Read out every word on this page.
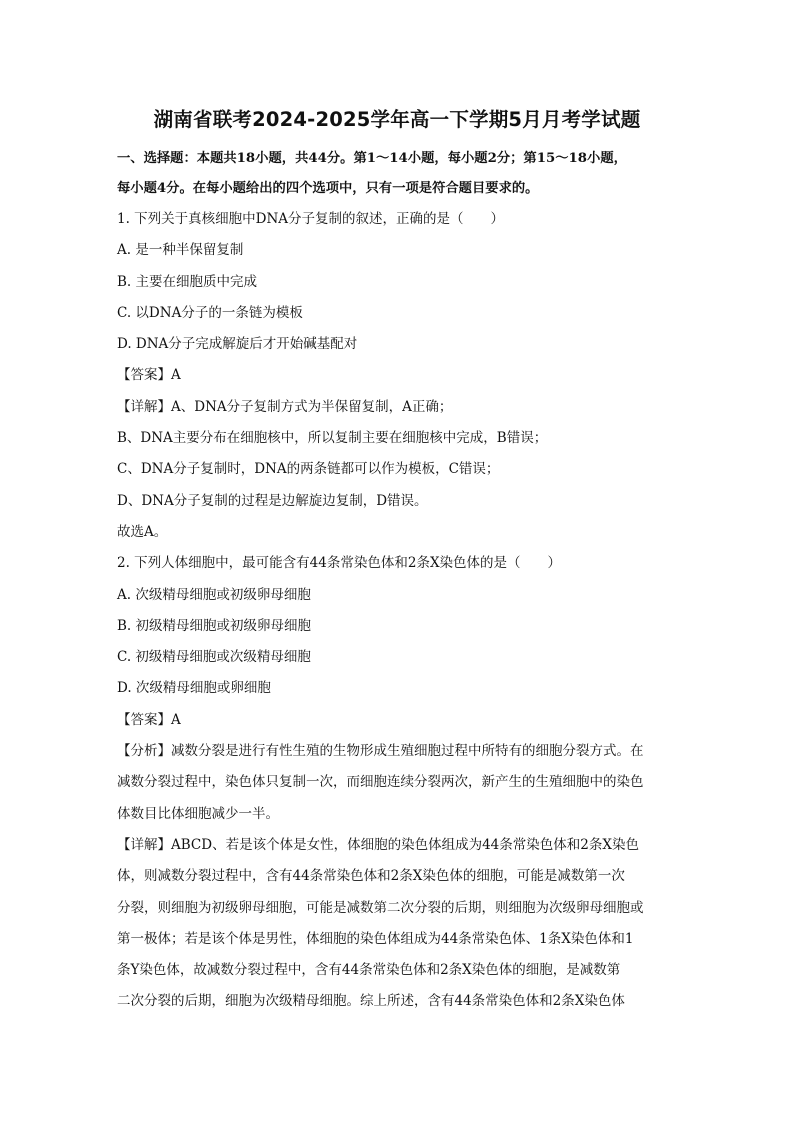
湖南省联考2024-2025学年高一下学期5月月考学试题

一、选择题：本题共18小题，共44分。第1～14小题，每小题2分；第15～18小题，

每小题4分。在每小题给出的四个选项中，只有一项是符合题目要求的。

1. 下列关于真核细胞中DNA分子复制的叙述，正确的是（　　）

A. 是一种半保留复制

B. 主要在细胞质中完成

C. 以DNA分子的一条链为模板

D. DNA分子完成解旋后才开始碱基配对

【答案】A

【详解】A、DNA分子复制方式为半保留复制，A正确；

B、DNA主要分布在细胞核中，所以复制主要在细胞核中完成，B错误；

C、DNA分子复制时，DNA的两条链都可以作为模板，C错误；

D、DNA分子复制的过程是边解旋边复制，D错误。

故选A。

2. 下列人体细胞中，最可能含有44条常染色体和2条X染色体的是（　　）

A. 次级精母细胞或初级卵母细胞

B. 初级精母细胞或初级卵母细胞

C. 初级精母细胞或次级精母细胞

D. 次级精母细胞或卵细胞

【答案】A

【分析】减数分裂是进行有性生殖的生物形成生殖细胞过程中所特有的细胞分裂方式。在

减数分裂过程中，染色体只复制一次，而细胞连续分裂两次，新产生的生殖细胞中的染色

体数目比体细胞减少一半。

【详解】ABCD、若是该个体是女性，体细胞的染色体组成为44条常染色体和2条X染色

体，则减数分裂过程中，含有44条常染色体和2条X染色体的细胞，可能是减数第一次

分裂，则细胞为初级卵母细胞，可能是减数第二次分裂的后期，则细胞为次级卵母细胞或

第一极体；若是该个体是男性，体细胞的染色体组成为44条常染色体、1条X染色体和1

条Y染色体，故减数分裂过程中，含有44条常染色体和2条X染色体的细胞，是减数第

二次分裂的后期，细胞为次级精母细胞。综上所述，含有44条常染色体和2条X染色体
